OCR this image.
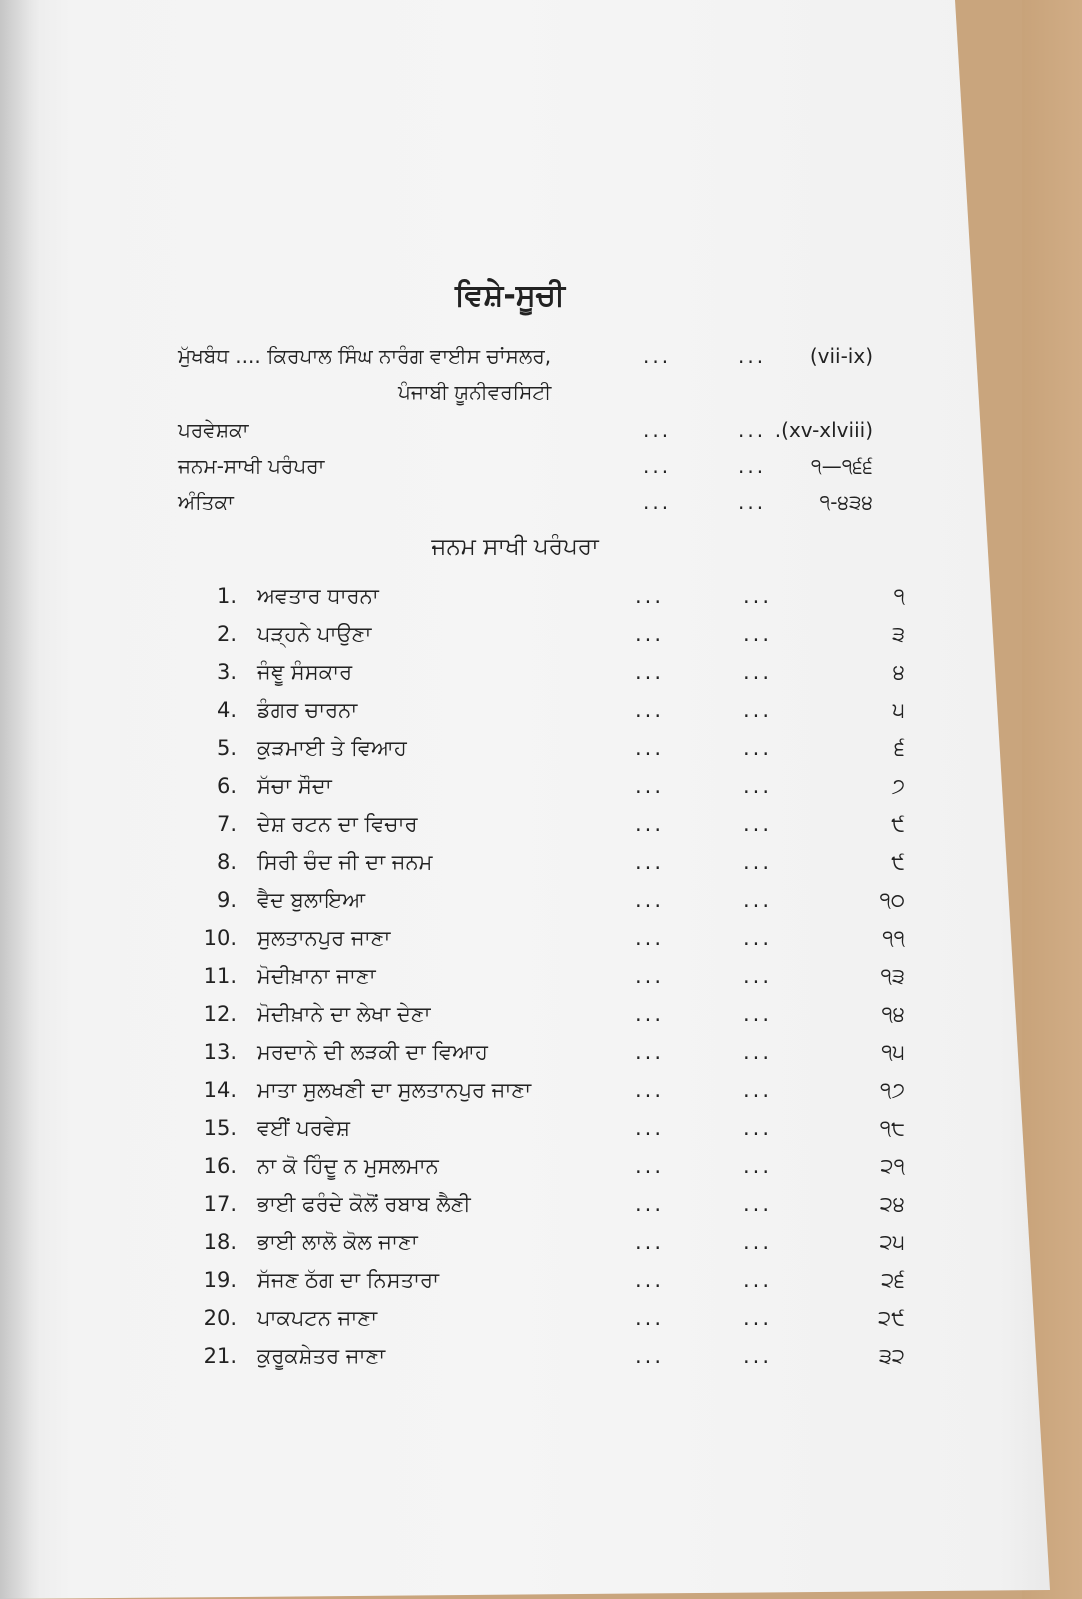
ਵਿਸ਼ੇ-ਸੂਚੀ
ਮੁੱਖਬੰਧ .... ਕਿਰਪਾਲ ਸਿੰਘ ਨਾਰੰਗ ਵਾਈਸ ਚਾਂਸਲਰ,	...	... (vii-ix)
ਪੰਜਾਬੀ ਯੂਨੀਵਰਸਿਟੀ
ਪਰਵੇਸ਼ਕਾ	...	... .(xv-xlviii)
ਜਨਮ-ਸਾਖੀ ਪਰੰਪਰਾ	...	... ੧—੧੬੬
ਅੰਤਿਕਾ	...	...	੧-੪੩੪
ਜਨਮ ਸਾਖੀ ਪਰੰਪਰਾ
1. ਅਵਤਾਰ ਧਾਰਨਾ	...	...	੧
2. ਪੜ੍ਹਨੇ ਪਾਉਣਾ	...	...	੩
3. ਜੰਞੂ ਸੰਸਕਾਰ	...	...	੪
4. ਡੰਗਰ ਚਾਰਨਾ	...	...	੫
5. ਕੁੜਮਾਈ ਤੇ ਵਿਆਹ	...	...	੬
6. ਸੱਚਾ ਸੌਦਾ	...	...	੭
7. ਦੇਸ਼ ਰਟਨ ਦਾ ਵਿਚਾਰ	...	...	੯
8. ਸਿਰੀ ਚੰਦ ਜੀ ਦਾ ਜਨਮ	...	...	੯
9. ਵੈਦ ਬੁਲਾਇਆ	...	...	੧੦
10. ਸੁਲਤਾਨਪੁਰ ਜਾਣਾ	...	...	੧੧
11. ਮੋਦੀਖ਼ਾਨਾ ਜਾਣਾ	...	...	੧੩
12. ਮੋਦੀਖ਼ਾਨੇ ਦਾ ਲੇਖਾ ਦੇਣਾ	...	...	੧੪
13. ਮਰਦਾਨੇ ਦੀ ਲੜਕੀ ਦਾ ਵਿਆਹ	...	...	੧੫
14. ਮਾਤਾ ਸੁਲਖਣੀ ਦਾ ਸੁਲਤਾਨਪੁਰ ਜਾਣਾ	...	...	੧੭
15. ਵਈਂ ਪਰਵੇਸ਼	...	...	੧੮
16. ਨਾ ਕੋ ਹਿੰਦੂ ਨ ਮੁਸਲਮਾਨ	...	...	੨੧
17. ਭਾਈ ਫਰੰਦੇ ਕੋਲੋਂ ਰਬਾਬ ਲੈਣੀ	...	...	੨੪
18. ਭਾਈ ਲਾਲੋ ਕੋਲ ਜਾਣਾ	...	...	੨੫
19. ਸੱਜਣ ਠੱਗ ਦਾ ਨਿਸਤਾਰਾ	...	...	੨੬
20. ਪਾਕਪਟਨ ਜਾਣਾ	...	...	੨੯
21. ਕੁਰੂਕਸ਼ੇਤਰ ਜਾਣਾ	...	...	੩੨
